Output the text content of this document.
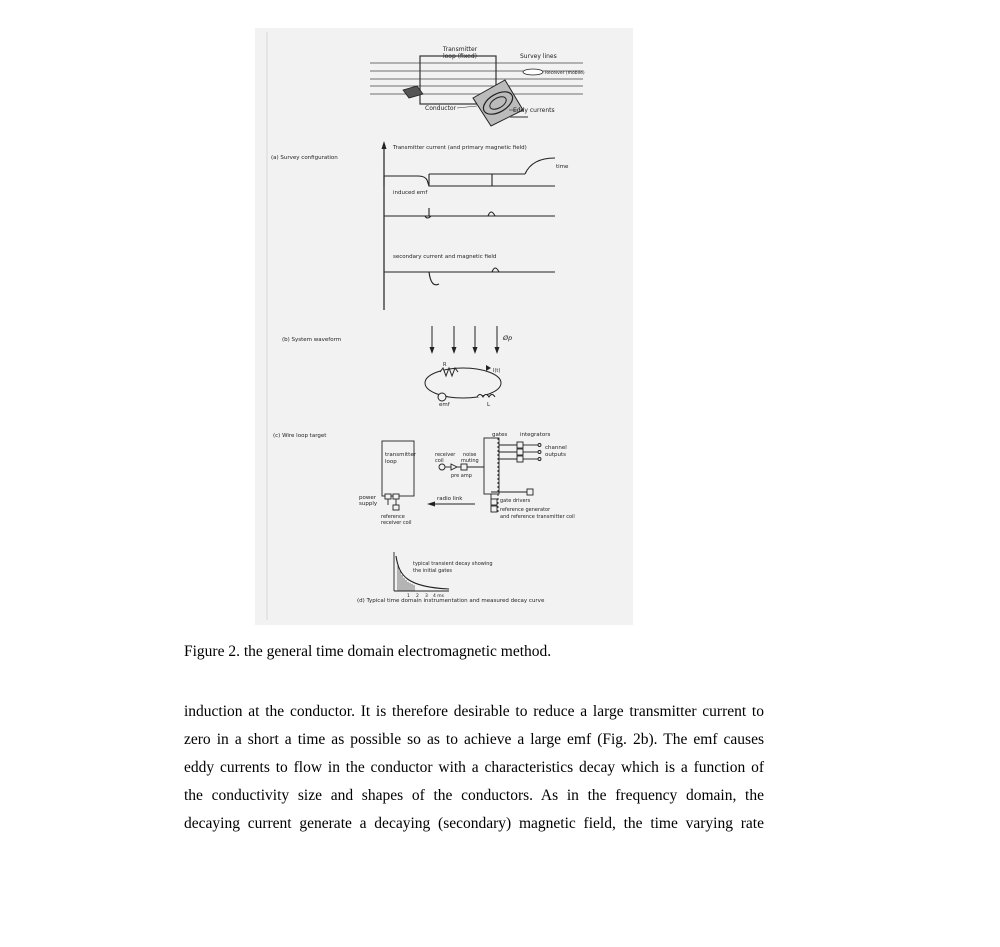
Transmitter
loop (fixed)	Survey lines
Receiver (mobile)
Conductor	Eddy currents
(a) Survey configuration
Transmitter current (and primary magnetic field)
time
induced emf
secondary current and magnetic field
(b) System waveform	Øp
R
I(t)
emf	L
(c) Wire loop target	gates integrators
channel
outputs
transmitter
loop
receiver
coil
noise
muting
pre amp
power
supply
radio link
reference
receiver coil
gate drivers
reference generator
and reference transmitter coil
typical transient decay showing
the initial gates
1 2 3 4 ms
(d) Typical time domain instrumentation and measured decay curve
Figure 2. the general time domain electromagnetic method.

induction at the conductor. It is therefore desirable to reduce a large transmitter current to
zero in a short a time as possible so as to achieve a large emf (Fig. 2b). The emf causes
eddy currents to flow in the conductor with a characteristics decay which is a function of
the conductivity size and shapes of the conductors. As in the frequency domain, the
decaying current generate a decaying (secondary) magnetic field, the time varying rate
